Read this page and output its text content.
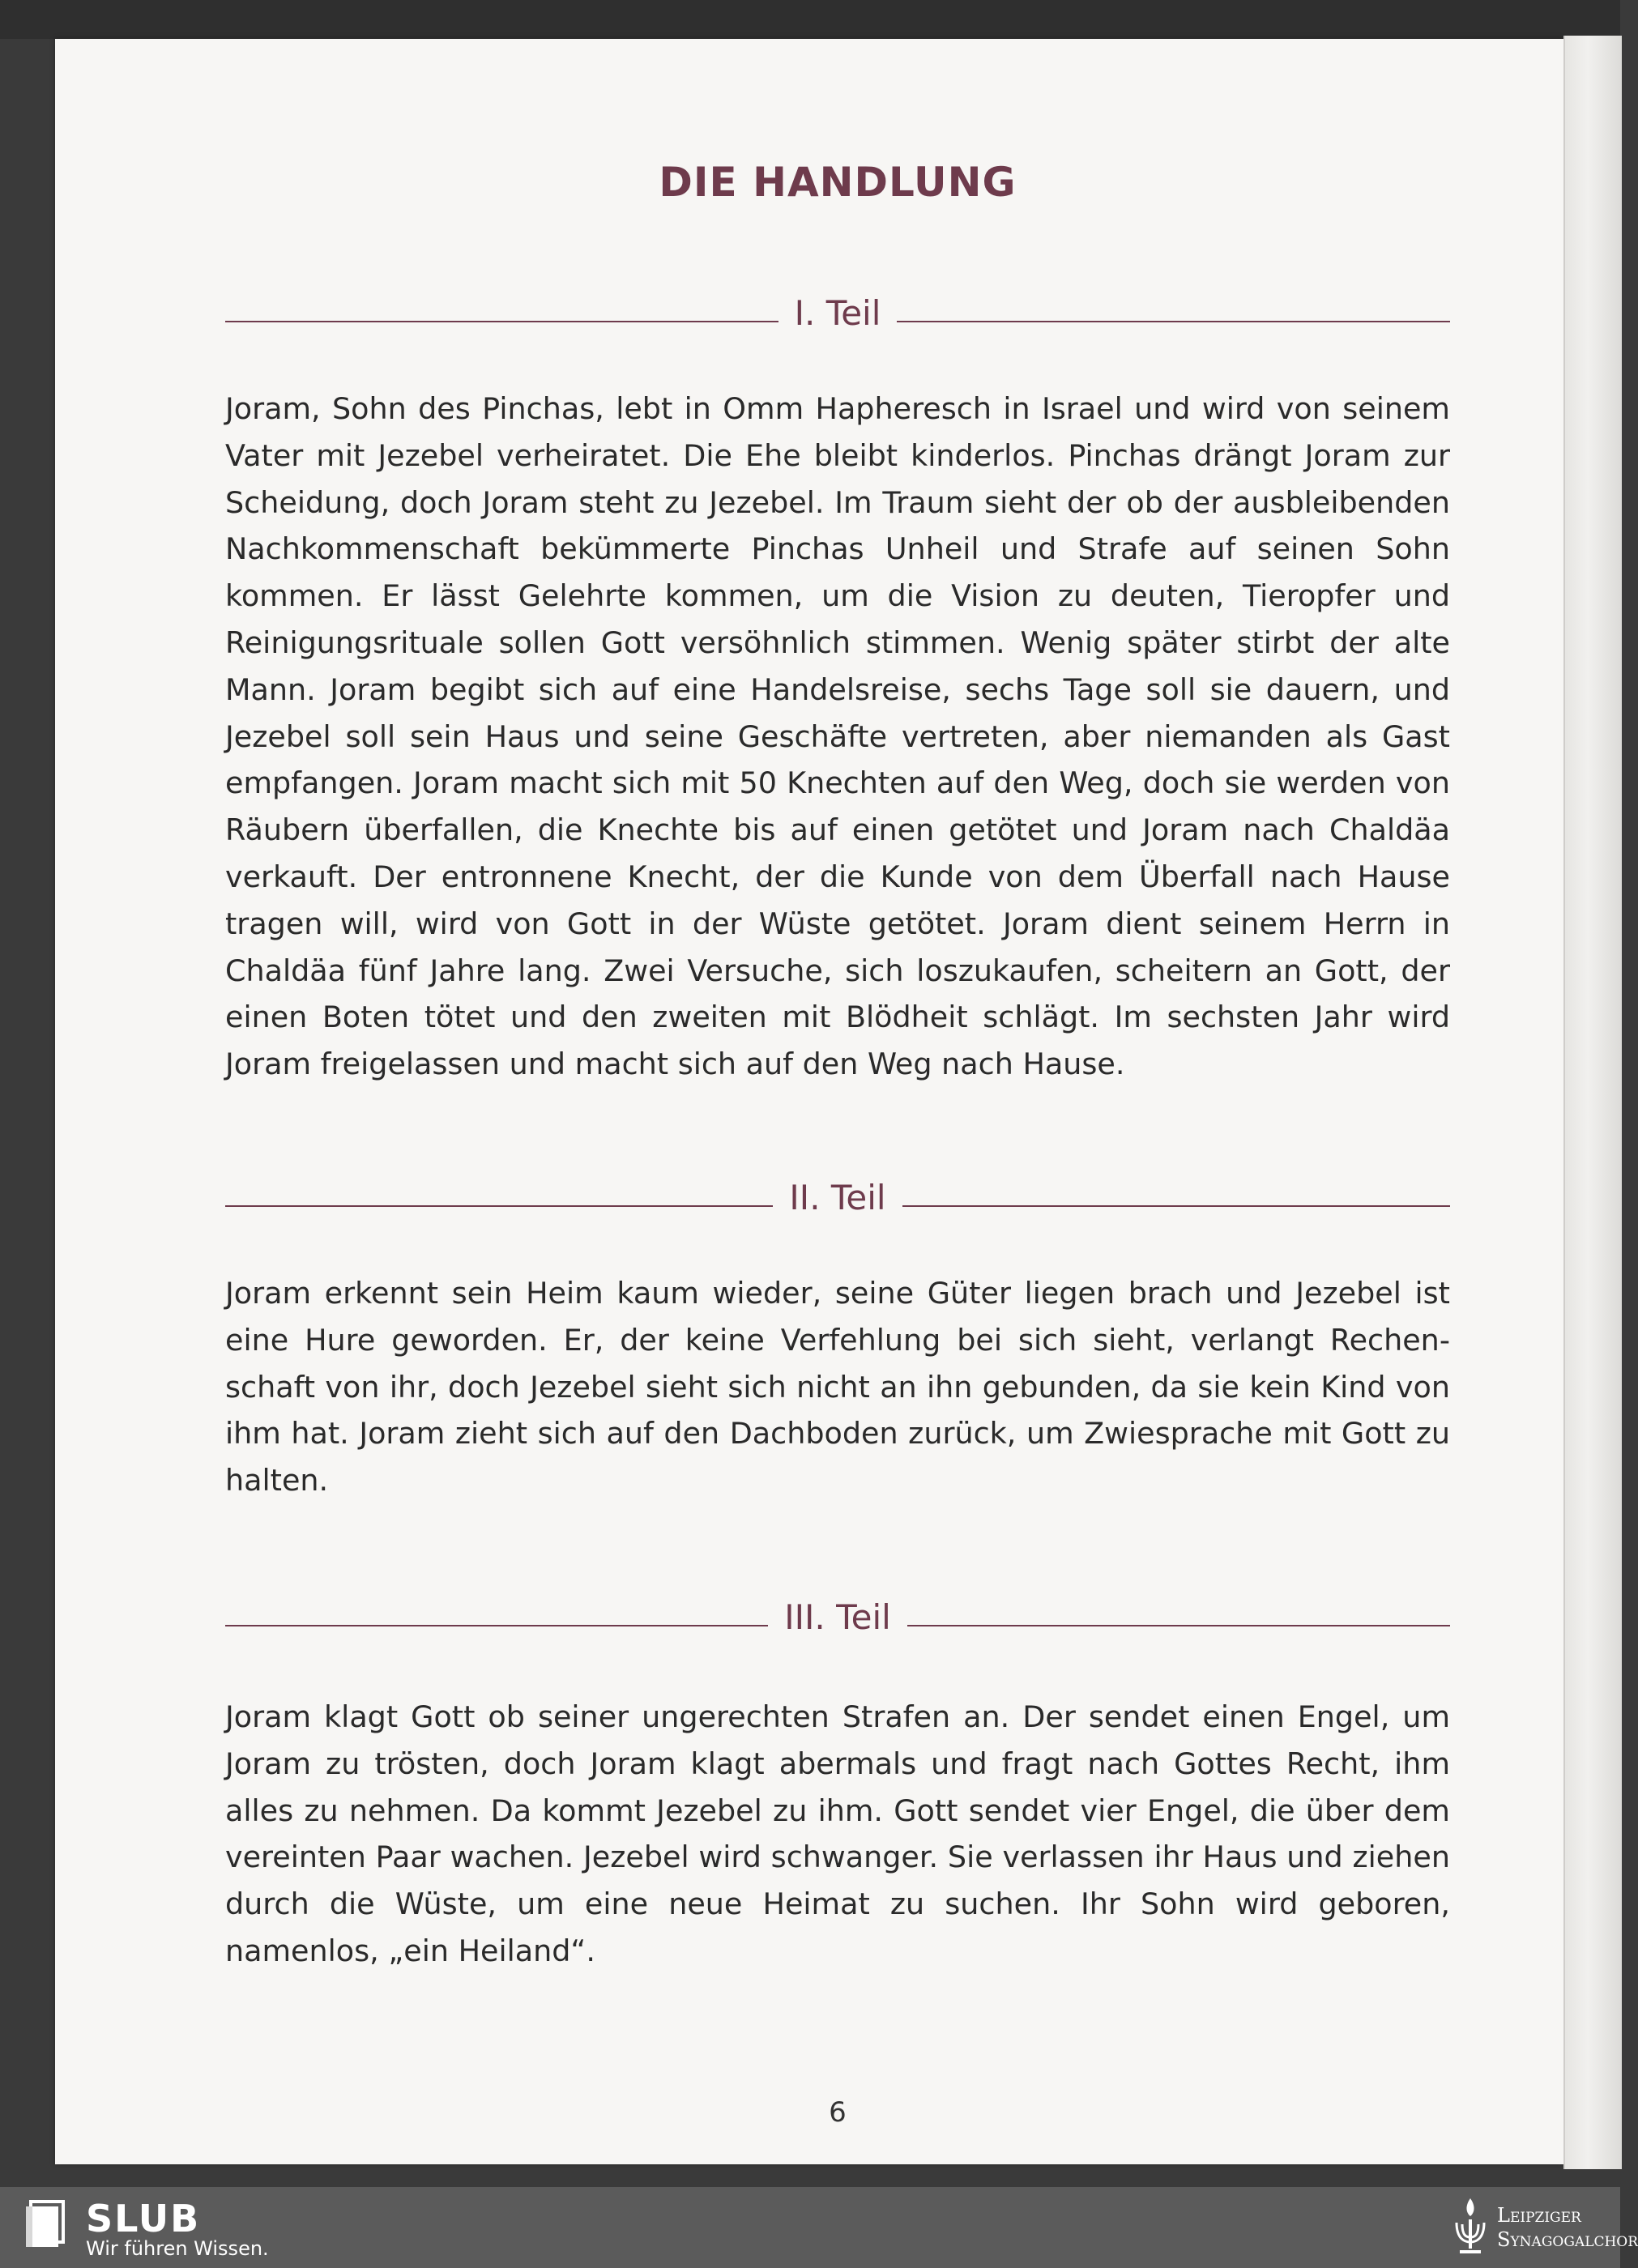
DIE HANDLUNG
I. Teil

Joram, Sohn des Pinchas, lebt in Omm Hapheresch in Israel und wird von seinem Vater mit Jezebel verheiratet. Die Ehe bleibt kinderlos. Pinchas drängt Joram zur Scheidung, doch Joram steht zu Jezebel. Im Traum sieht der ob der ausbleibenden Nachkommenschaft bekümmerte Pinchas Unheil und Strafe auf seinen Sohn kommen. Er lässt Gelehrte kommen, um die Vision zu deuten, Tieropfer und Reinigungsrituale sollen Gott versöhnlich stimmen. Wenig später stirbt der alte Mann. Joram begibt sich auf eine Handelsreise, sechs Tage soll sie dauern, und Jezebel soll sein Haus und seine Geschäfte vertreten, aber niemanden als Gast empfangen. Joram macht sich mit 50 Knechten auf den Weg, doch sie werden von Räubern überfallen, die Knechte bis auf einen getötet und Joram nach Chaldäa verkauft. Der entronnene Knecht, der die Kunde von dem Überfall nach Hause tragen will, wird von Gott in der Wüste getötet. Joram dient seinem Herrn in Chaldäa fünf Jahre lang. Zwei Versuche, sich loszukaufen, scheitern an Gott, der einen Boten tötet und den zweiten mit Blödheit schlägt. Im sechsten Jahr wird Joram freigelassen und macht sich auf den Weg nach Hause.

II. Teil

Joram erkennt sein Heim kaum wieder, seine Güter liegen brach und Jezebel ist eine Hure geworden. Er, der keine Verfehlung bei sich sieht, verlangt Rechenschaft von ihr, doch Jezebel sieht sich nicht an ihn gebunden, da sie kein Kind von ihm hat. Joram zieht sich auf den Dachboden zurück, um Zwiesprache mit Gott zu halten.

III. Teil

Joram klagt Gott ob seiner ungerechten Strafen an. Der sendet einen Engel, um Joram zu trösten, doch Joram klagt abermals und fragt nach Gottes Recht, ihm alles zu nehmen. Da kommt Jezebel zu ihm. Gott sendet vier Engel, die über dem vereinten Paar wachen. Jezebel wird schwanger. Sie verlassen ihr Haus und ziehen durch die Wüste, um eine neue Heimat zu suchen. Ihr Sohn wird geboren, namenlos, „ein Heiland“.

6
SLUB
Wir führen Wissen.
Leipziger
Synagogalchor
